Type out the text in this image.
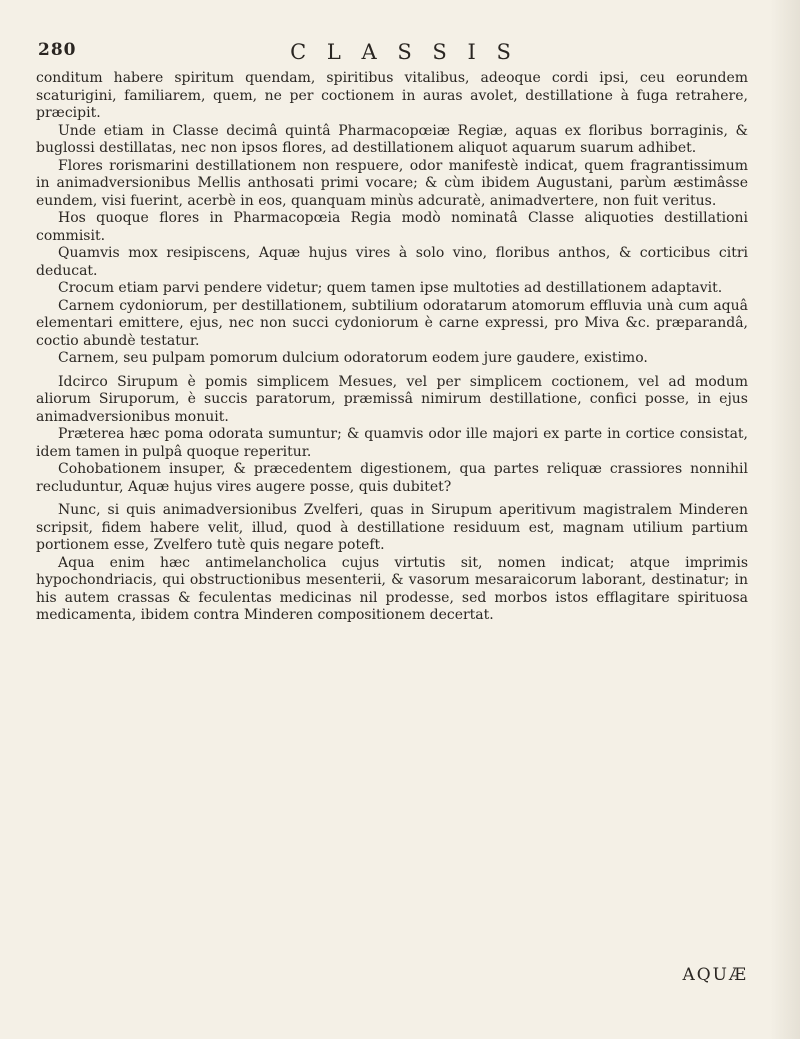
280	C L A S S I S

conditum habere spiritum quendam, spiritibus vitalibus, adeoque cordi ipsi, ceu eorundem scaturigini, familiarem, quem, ne per coctionem in auras avolet, destillatione à fuga retrahere, præcipit.

Unde etiam in Classe decimâ quintâ Pharmacopœiæ Regiæ, aquas ex floribus borraginis, & buglossi destillatas, nec non ipsos flores, ad destillationem aliquot aquarum suarum adhibet.

Flores rorismarini destillationem non respuere, odor manifestè indicat, quem fragrantissimum in animadversionibus Mellis anthosati primi vocare; & cùm ibidem Augustani, parùm æstimâsse eundem, visi fuerint, acerbè in eos, quanquam minùs adcuratè, animadvertere, non fuit veritus.

Hos quoque flores in Pharmacopœia Regia modò nominatâ Classe aliquoties destillationi commisit.

Quamvis mox resipiscens, Aquæ hujus vires à solo vino, floribus anthos, & corticibus citri deducat.

Crocum etiam parvi pendere videtur; quem tamen ipse multoties ad destillationem adaptavit.

Carnem cydoniorum, per destillationem, subtilium odoratarum atomorum effluvia unà cum aquâ elementari emittere, ejus, nec non succi cydoniorum è carne expressi, pro Miva &c. præparandâ, coctio abundè testatur.

Carnem, seu pulpam pomorum dulcium odoratorum eodem jure gaudere, existimo.

Idcirco Sirupum è pomis simplicem Mesues, vel per simplicem coctionem, vel ad modum aliorum Siruporum, è succis paratorum, præmissâ nimirum destillatione, confici posse, in ejus animadversionibus monuit.

Præterea hæc poma odorata sumuntur; & quamvis odor ille majori ex parte in cortice consistat, idem tamen in pulpâ quoque reperitur.

Cohobationem insuper, & præcedentem digestionem, qua partes reliquæ crassiores nonnihil recluduntur, Aquæ hujus vires augere posse, quis dubitet?

Nunc, si quis animadversionibus Zvelferi, quas in Sirupum aperitivum magistralem Minderen scripsit, fidem habere velit, illud, quod à destillatione residuum est, magnam utilium partium portionem esse, Zvelfero tutè quis negare poteft.

Aqua enim hæc antimelancholica cujus virtutis sit, nomen indicat; atque imprimis hypochondriacis, qui obstructionibus mesenterii, & vasorum mesaraicorum laborant, destinatur; in his autem crassas & feculentas medicinas nil prodesse, sed morbos istos efflagitare spirituosa medicamenta, ibidem contra Minderen compositionem decertat.

AQUÆ
